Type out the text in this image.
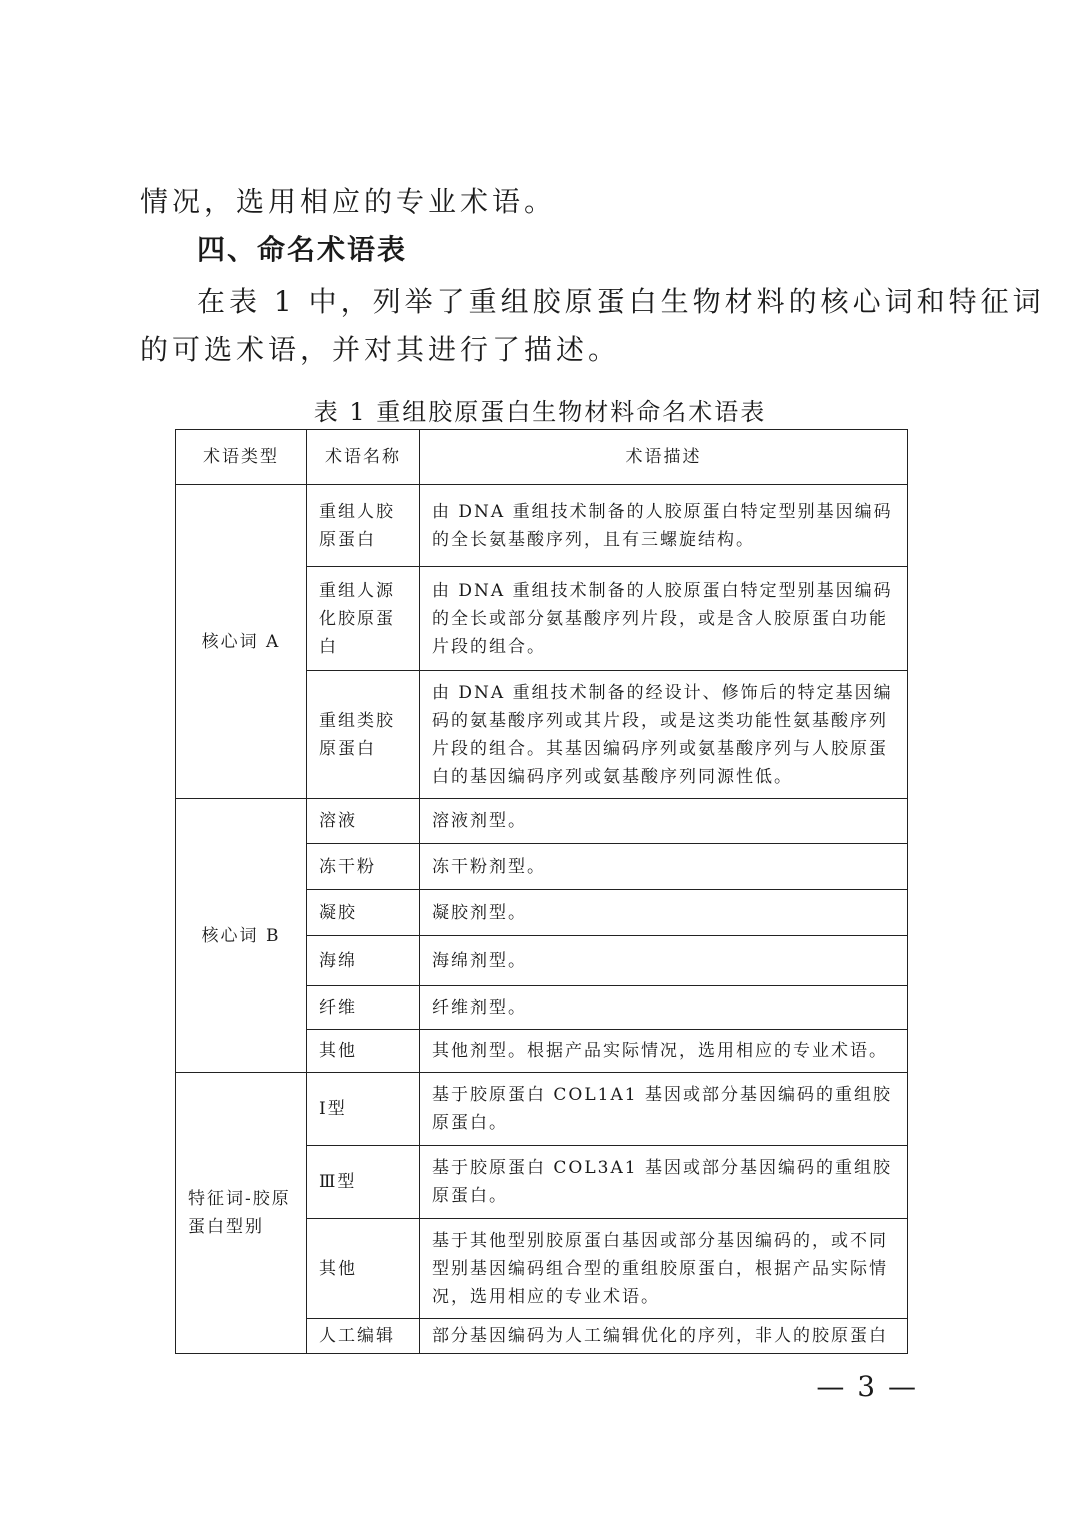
情况，选用相应的专业术语。
四、命名术语表
在表 1 中，列举了重组胶原蛋白生物材料的核心词和特征词
的可选术语，并对其进行了描述。
表 1 重组胶原蛋白生物材料命名术语表
术语类型	术语名称	术语描述
核心词 A	重组人胶原蛋白	由 DNA 重组技术制备的人胶原蛋白特定型别基因编码的全长氨基酸序列，且有三螺旋结构。
	重组人源化胶原蛋白	由 DNA 重组技术制备的人胶原蛋白特定型别基因编码的全长或部分氨基酸序列片段，或是含人胶原蛋白功能片段的组合。
	重组类胶原蛋白	由 DNA 重组技术制备的经设计、修饰后的特定基因编码的氨基酸序列或其片段，或是这类功能性氨基酸序列片段的组合。其基因编码序列或氨基酸序列与人胶原蛋白的基因编码序列或氨基酸序列同源性低。
核心词 B	溶液	溶液剂型。
	冻干粉	冻干粉剂型。
	凝胶	凝胶剂型。
	海绵	海绵剂型。
	纤维	纤维剂型。
	其他	其他剂型。根据产品实际情况，选用相应的专业术语。
特征词-胶原蛋白型别	Ⅰ型	基于胶原蛋白 COL1A1 基因或部分基因编码的重组胶原蛋白。
	Ⅲ型	基于胶原蛋白 COL3A1 基因或部分基因编码的重组胶原蛋白。
	其他	基于其他型别胶原蛋白基因或部分基因编码的，或不同型别基因编码组合型的重组胶原蛋白，根据产品实际情况，选用相应的专业术语。
	人工编辑	部分基因编码为人工编辑优化的序列，非人的胶原蛋白
— 3 —
